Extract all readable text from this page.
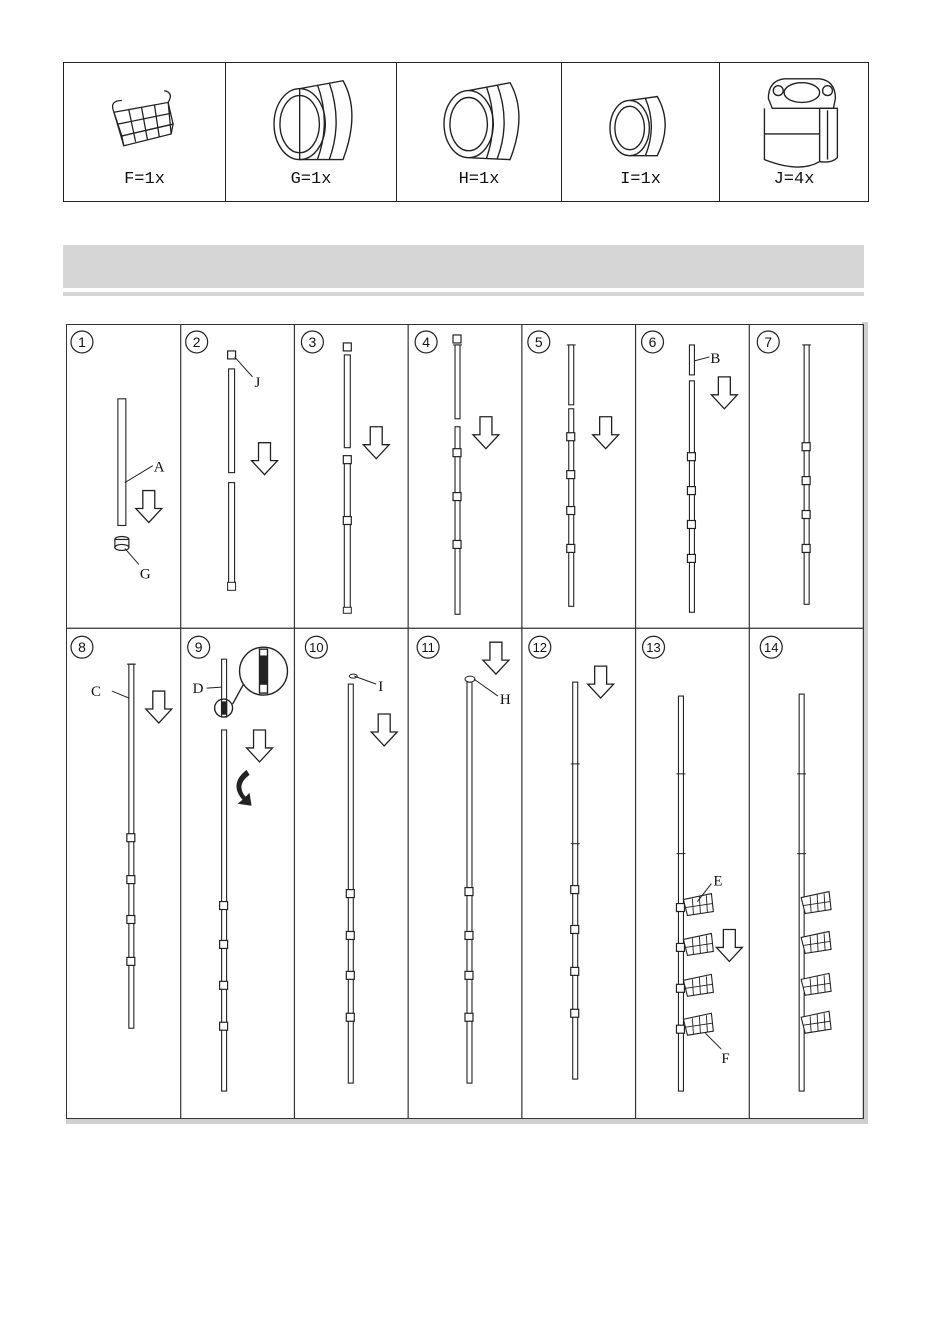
F=1x	G=1x	H=1x	I=1x	J=4x
1	2	3	4	5	6	7
8	9	10	11	12	13	14
A
G
J
B
C	D	I
H
E
F
